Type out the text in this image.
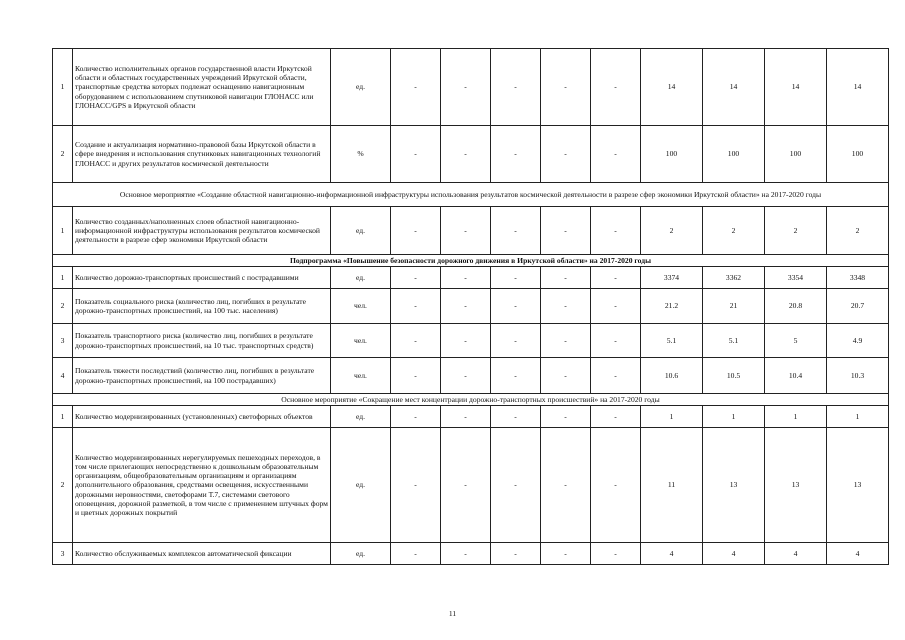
1	Количество исполнительных органов государственной власти Иркутской области и областных государственных учреждений Иркутской области, транспортные средства которых подлежат оснащению навигационным оборудованием с использованием спутниковой навигации ГЛОНАСС или ГЛОНАСС/GPS в Иркутской области	ед.	-	-	-	-	-	14	14	14	14
2	Создание и актуализация нормативно-правовой базы Иркутской области в сфере внедрения и использования спутниковых навигационных технологий ГЛОНАСС и других результатов космической деятельности	%	-	-	-	-	-	100	100	100	100
Основное мероприятие «Создание областной навигационно-информационной инфраструктуры использования результатов космической деятельности в разрезе сфер экономики Иркутской области» на 2017-2020 годы											
1	Количество созданных/наполненных слоев областной навигационно-информационной инфраструктуры использования результатов космической деятельности в разрезе сфер экономики Иркутской области	ед.	-	-	-	-	-	2	2	2	2
Подпрограмма «Повышение безопасности дорожного движения в Иркутской области» на 2017-2020 годы											
1	Количество дорожно-транспортных происшествий с пострадавшими	ед.	-	-	-	-	-	3374	3362	3354	3348
2	Показатель социального риска (количество лиц, погибших в результате дорожно-транспортных происшествий, на 100 тыс. населения)	чел.	-	-	-	-	-	21.2	21	20.8	20.7
3	Показатель транспортного риска (количество лиц, погибших в результате дорожно-транспортных происшествий, на 10 тыс. транспортных средств)	чел.	-	-	-	-	-	5.1	5.1	5	4.9
4	Показатель тяжести последствий (количество лиц, погибших в результате дорожно-транспортных происшествий, на 100 пострадавших)	чел.	-	-	-	-	-	10.6	10.5	10.4	10.3
Основное мероприятие «Сокращение мест концентрации дорожно-транспортных происшествий» на 2017-2020 годы											
1	Количество модернизированных (установленных) светофорных объектов	ед.	-	-	-	-	-	1	1	1	1
2	Количество модернизированных нерегулируемых пешеходных переходов, в том числе прилегающих непосредственно к дошкольным образовательным организациям, общеобразовательным организациям и организациям дополнительного образования, средствами освещения, искусственными дорожными неровностями, светофорами Т.7, системами светового оповещения, дорожной разметкой, в том числе с применением штучных форм и цветных дорожных покрытий	ед.	-	-	-	-	-	11	13	13	13
3	Количество обслуживаемых комплексов автоматической фиксации	ед.	-	-	-	-	-	4	4	4	4
11
